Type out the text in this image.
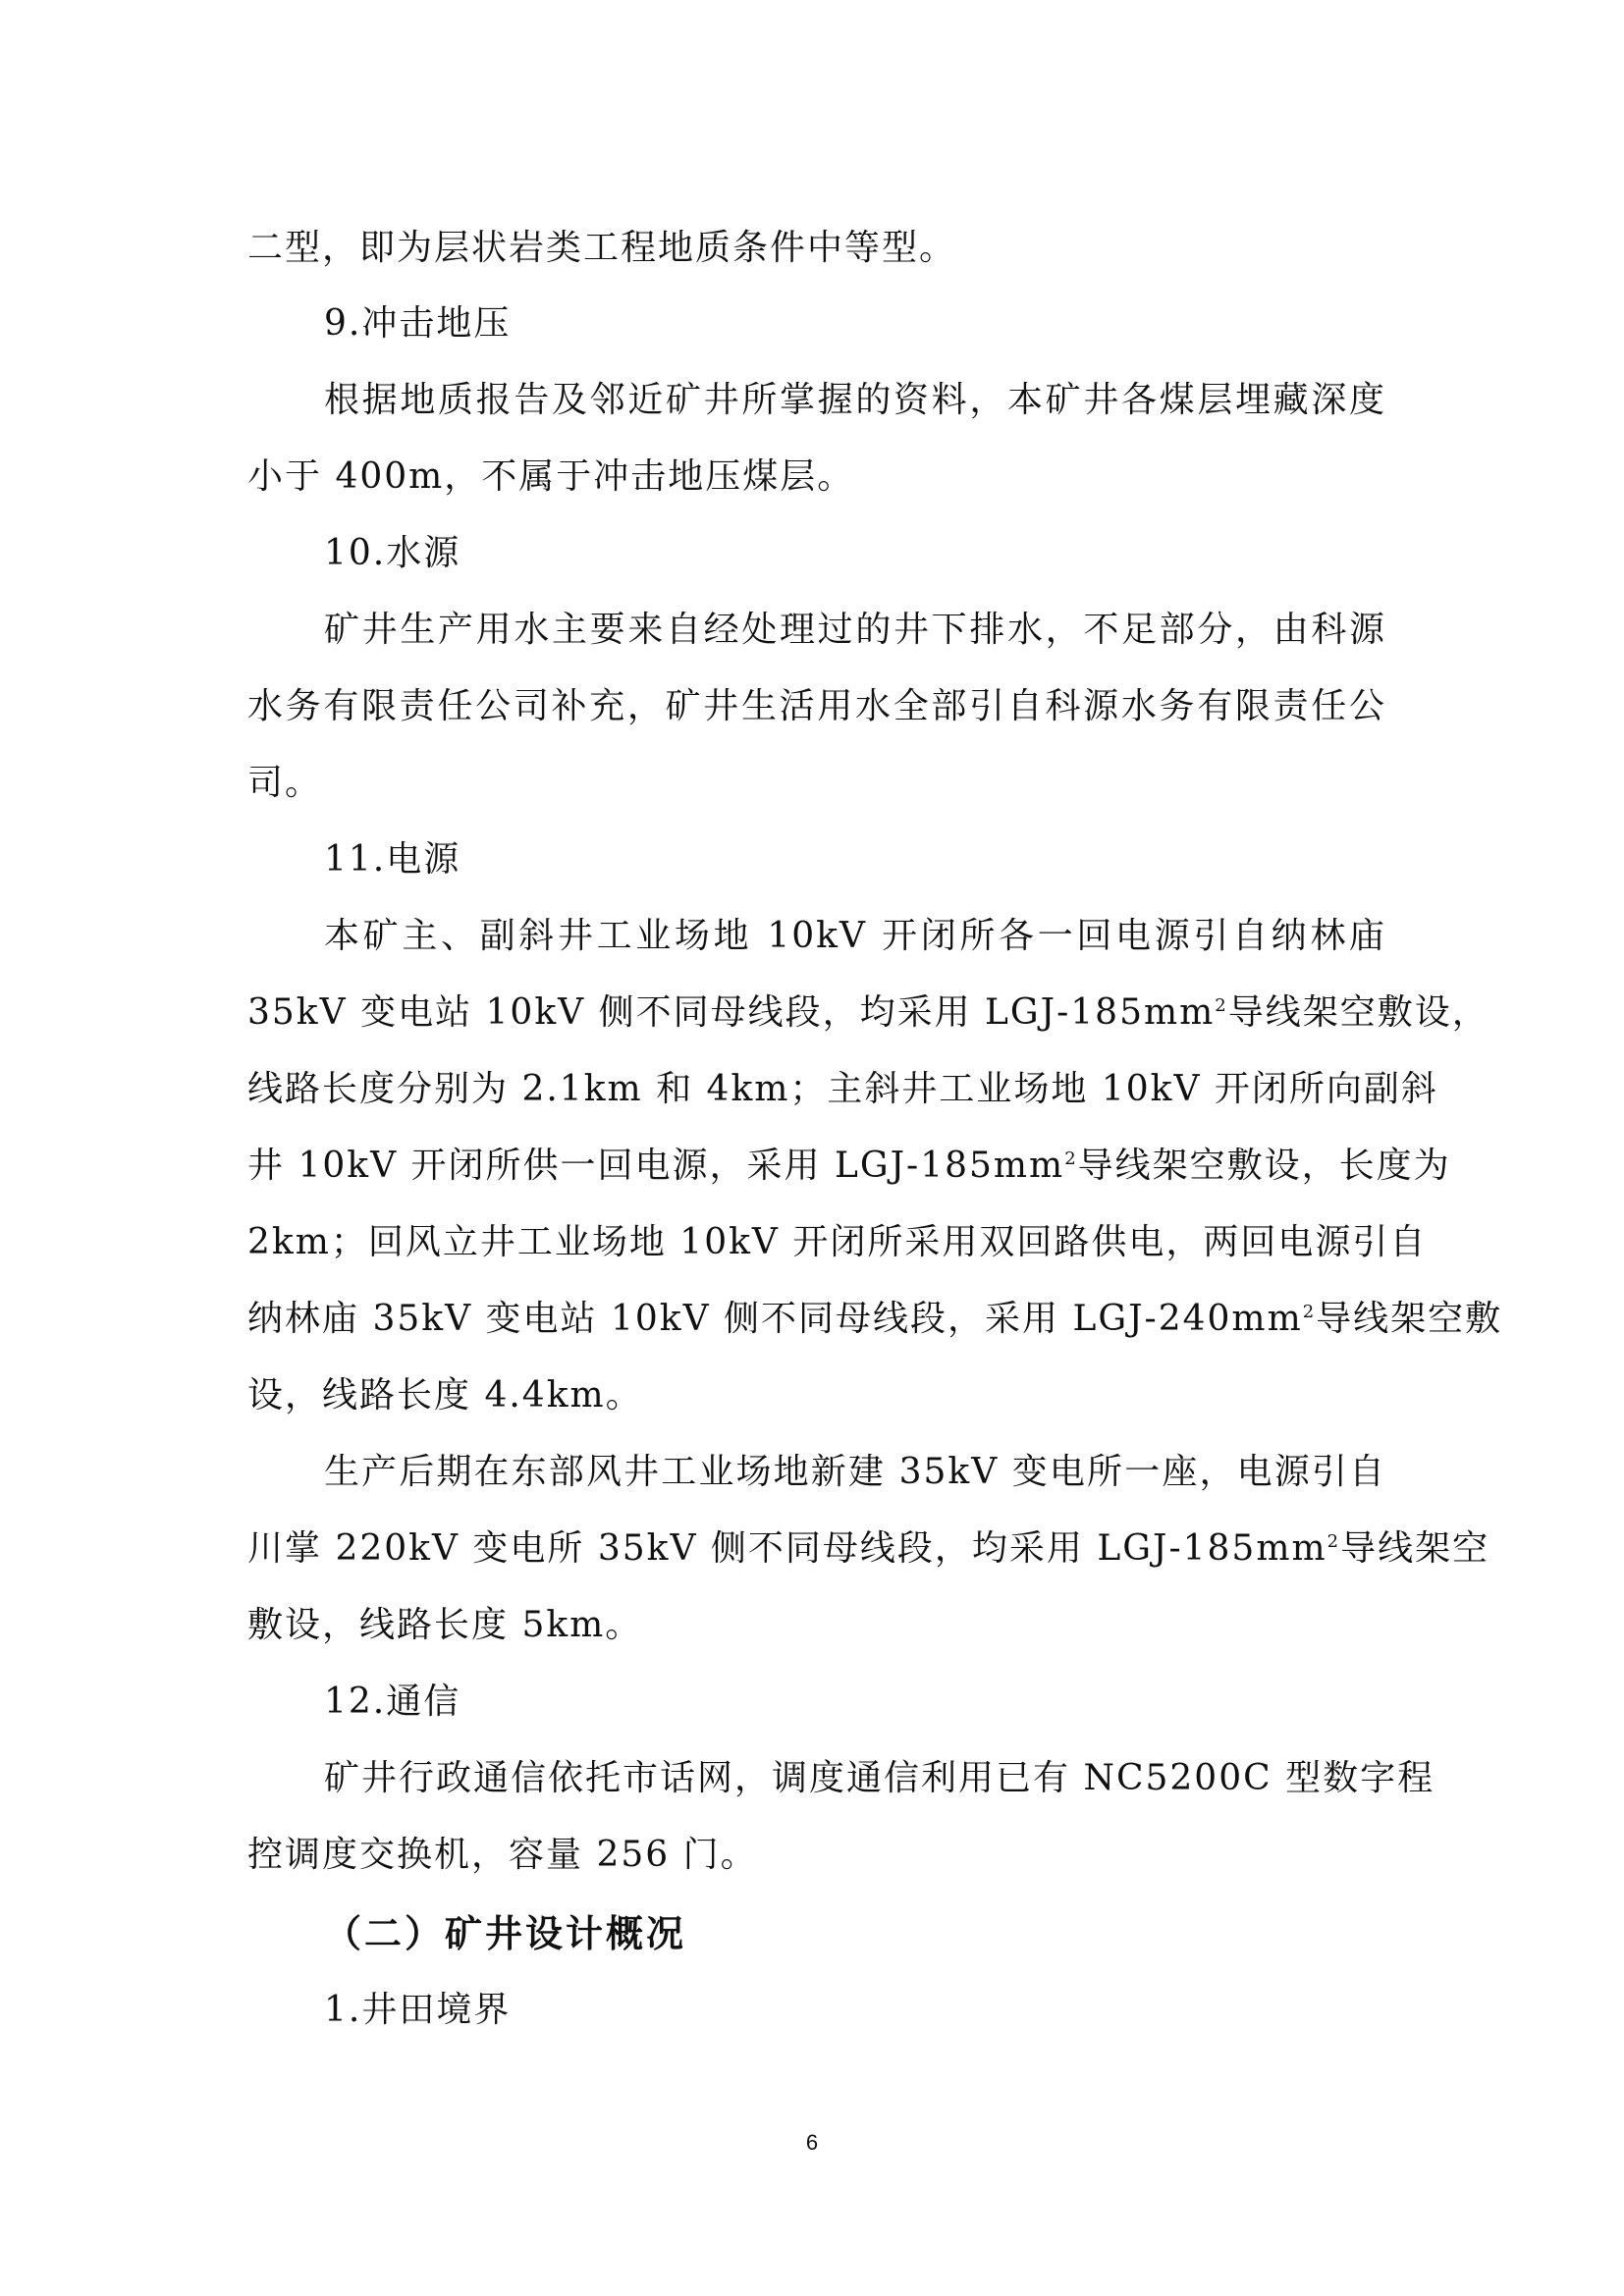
二型，即为层状岩类工程地质条件中等型。
9.冲击地压
根据地质报告及邻近矿井所掌握的资料，本矿井各煤层埋藏深度
小于 400m，不属于冲击地压煤层。
10.水源
矿井生产用水主要来自经处理过的井下排水，不足部分，由科源
水务有限责任公司补充，矿井生活用水全部引自科源水务有限责任公
司。
11.电源
本矿主、副斜井工业场地 10kV 开闭所各一回电源引自纳林庙
35kV 变电站 10kV 侧不同母线段，均采用 LGJ-$185mm^2$导线架空敷设，
线路长度分别为 2.1km 和 4km；主斜井工业场地 10kV 开闭所向副斜
井 10kV 开闭所供一回电源，采用 LGJ-$185mm^2$导线架空敷设，长度为
2km；回风立井工业场地 10kV 开闭所采用双回路供电，两回电源引自
纳林庙 35kV 变电站 10kV 侧不同母线段，采用 LGJ-$240mm^2$导线架空敷
设，线路长度 4.4km。
生产后期在东部风井工业场地新建 35kV 变电所一座，电源引自
川掌 220kV 变电所 35kV 侧不同母线段，均采用 LGJ-$185mm^2$导线架空
敷设，线路长度 5km。
12.通信
矿井行政通信依托市话网，调度通信利用已有 NC5200C 型数字程
控调度交换机，容量 256 门。
（二）矿井设计概况
1.井田境界
6
